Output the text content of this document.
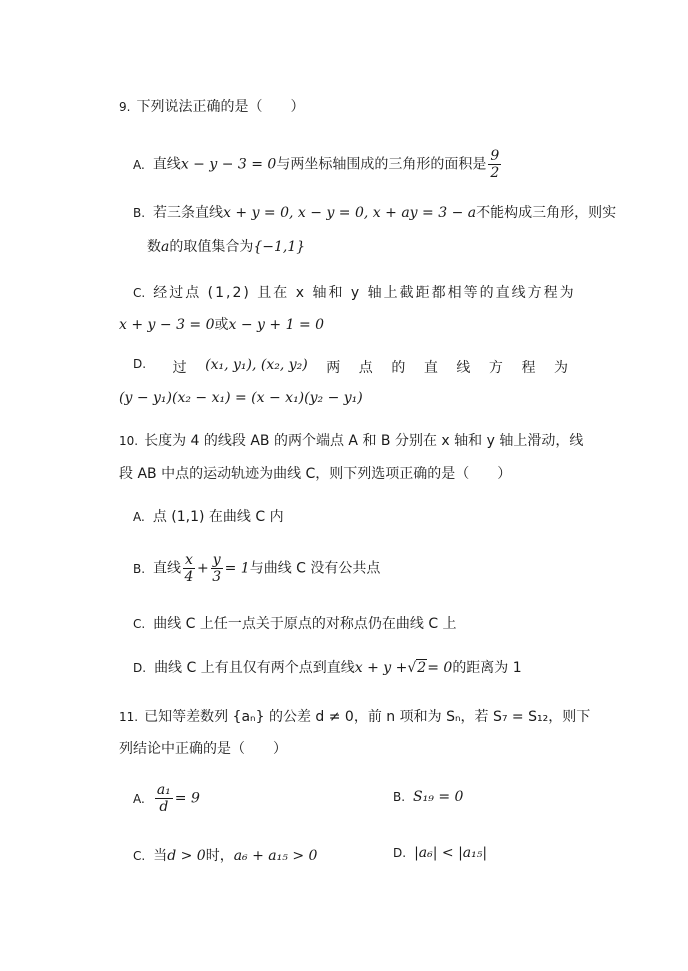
9. 下列说法正确的是（　　）
A. 直线x − y − 3 = 0与两坐标轴围成的三角形的面积是 $\frac{9}{2}$
B. 若三条直线x + y = 0, x − y = 0, x + ay = 3 − a不能构成三角形，则实
数a的取值集合为{−1,1}
C. 经过点 (1,2) 且在 x 轴和 y 轴上截距都相等的直线方程为
x + y − 3 = 0或x − y + 1 = 0
D. 过 (x₁, y₁), (x₂, y₂) 两 点 的 直 线 方 程 为
(y − y₁)(x₂ − x₁) = (x − x₁)(y₂ − y₁)
10. 长度为 4 的线段 AB 的两个端点 A 和 B 分别在 x 轴和 y 轴上滑动，线
段 AB 中点的运动轨迹为曲线 C，则下列选项正确的是（　　）
A. 点 (1,1) 在曲线 C 内
B. 直线 $\frac{x}{4} + \frac{y}{3} = 1$与曲线 C 没有公共点
C. 曲线 C 上任一点关于原点的对称点仍在曲线 C 上
D. 曲线 C 上有且仅有两个点到直线x + y +√2= 0的距离为 1
11. 已知等差数列 {aₙ} 的公差 d ≠ 0，前 n 项和为 Sₙ，若 S₇ = S₁₂，则下
列结论中正确的是（　　）
A. $\frac{\text{a₁}}{d} = 9$	B. S₁₉ = 0
C. 当d > 0时，a₆ + a₁₅ > 0	D. |a₆| < |a₁₅|
